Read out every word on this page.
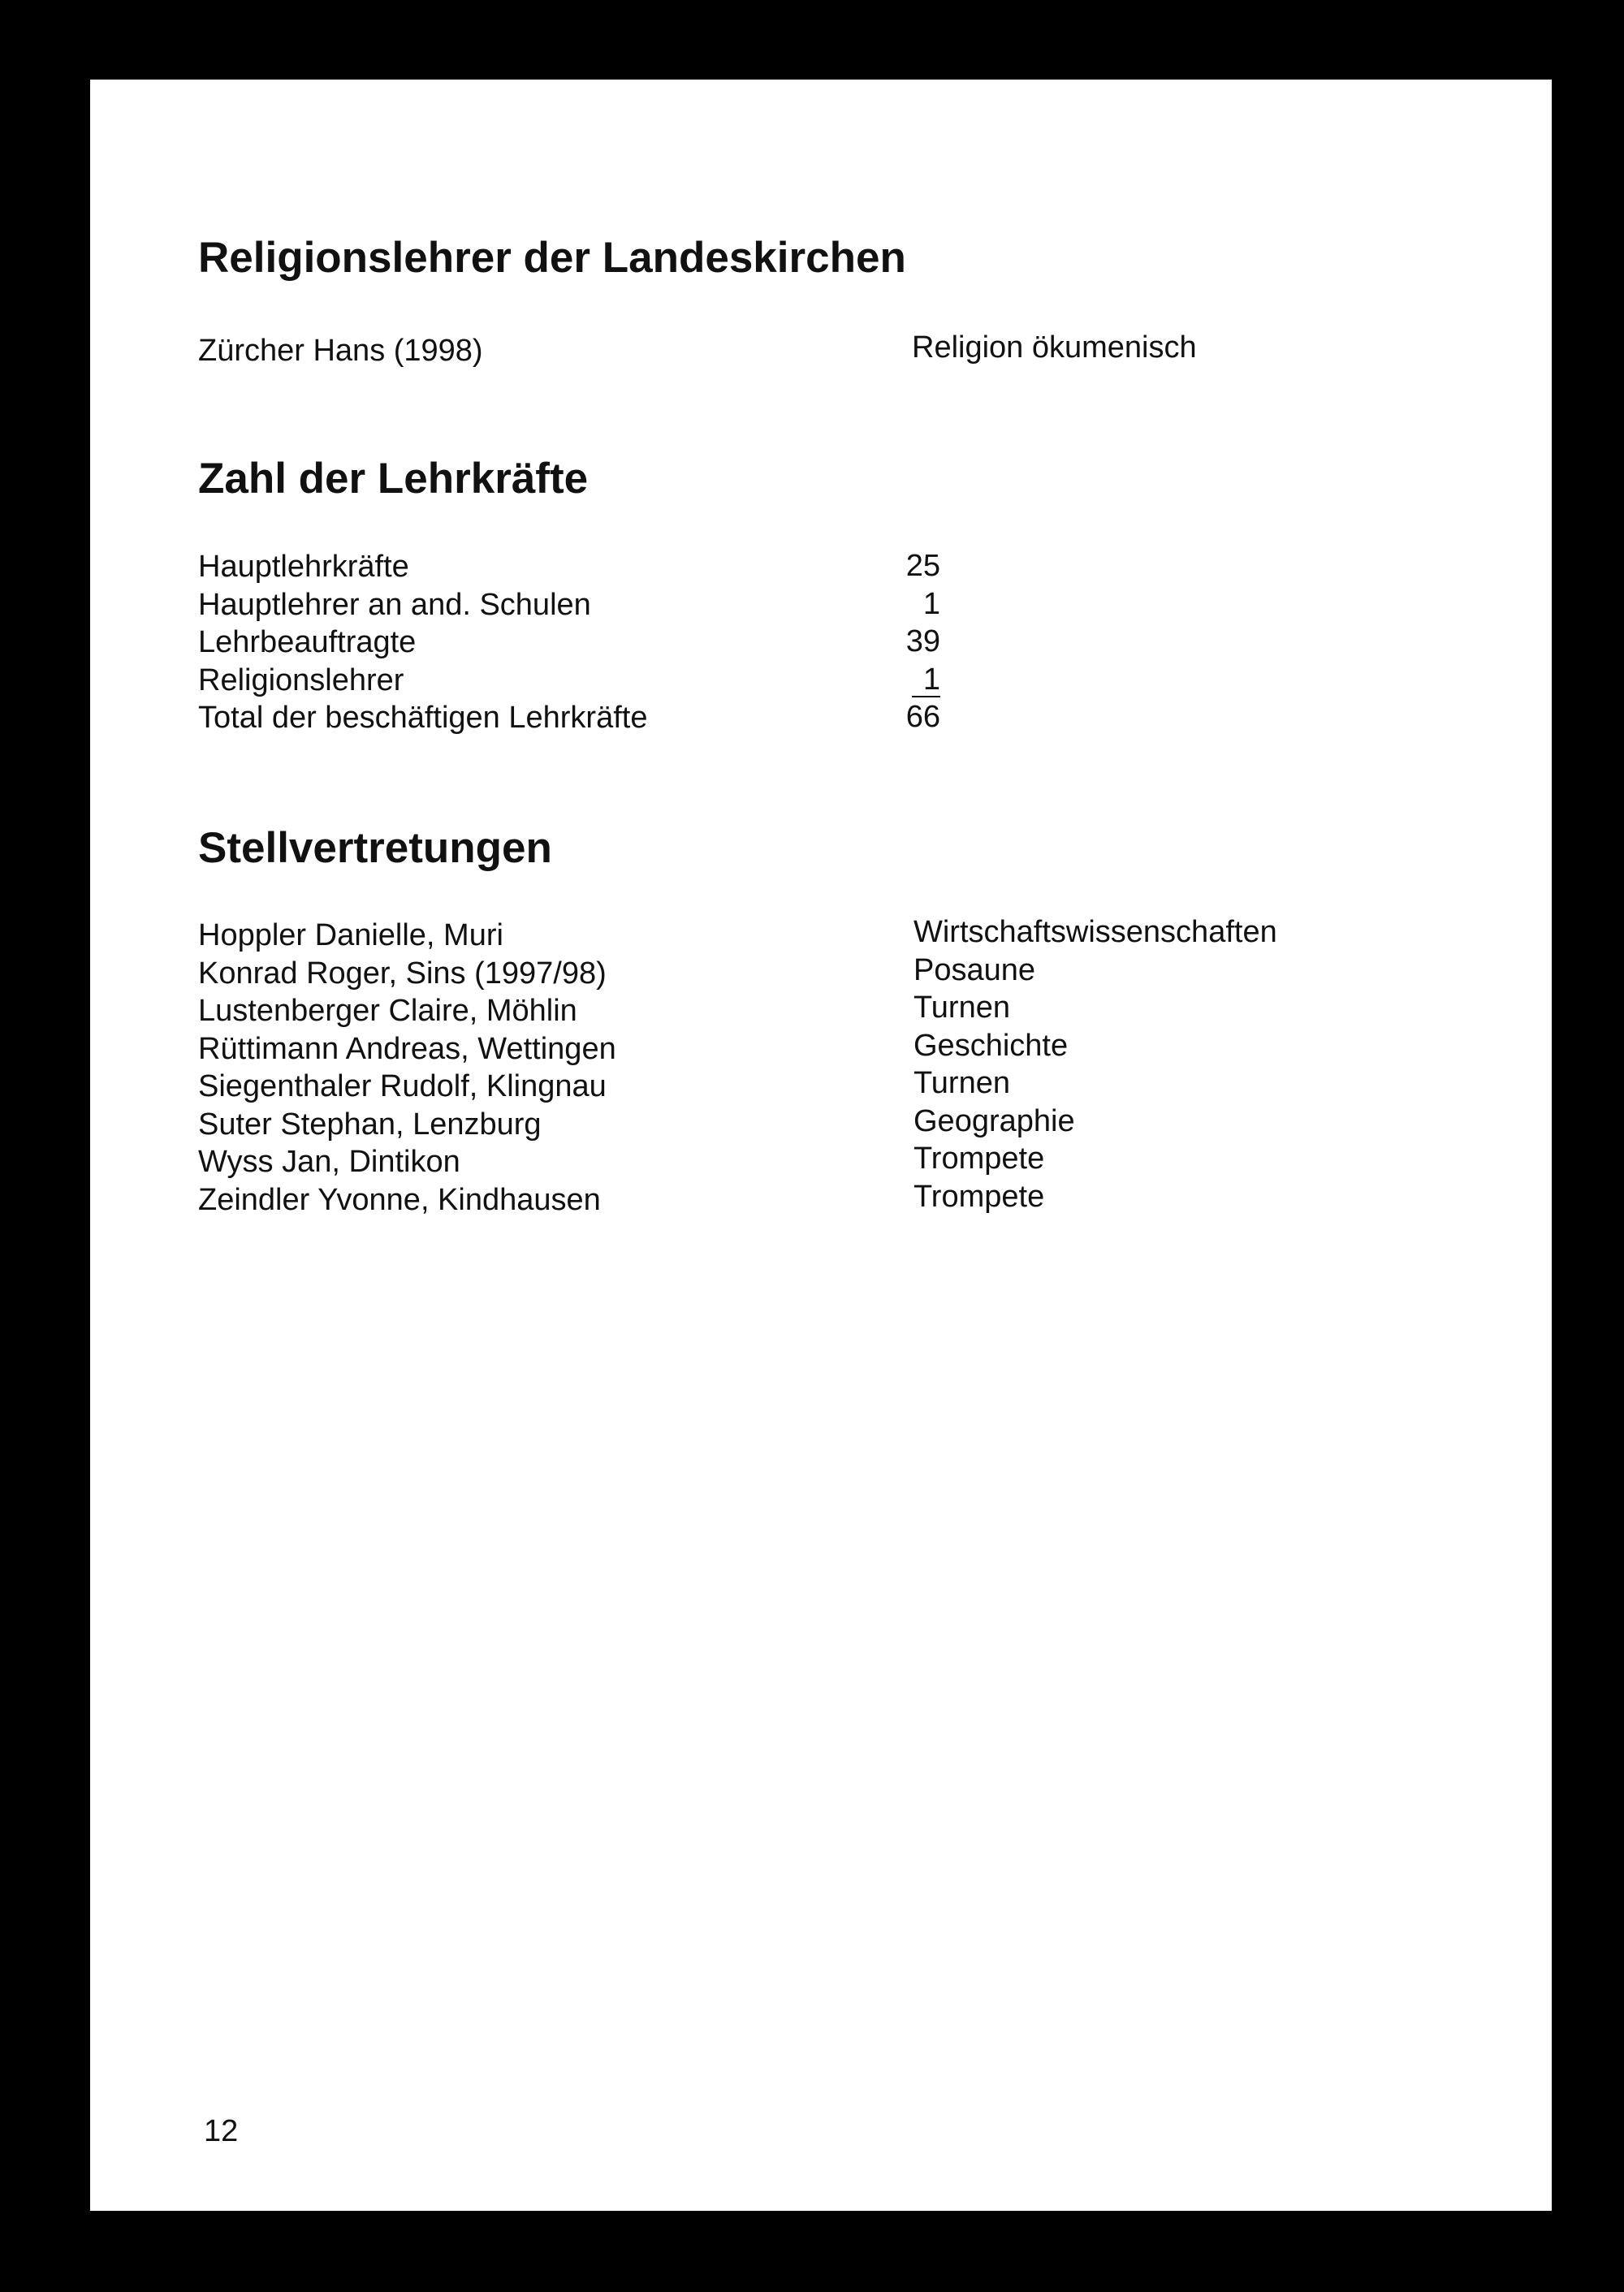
Religionslehrer der Landeskirchen
Zürcher Hans (1998)	Religion ökumenisch
Zahl der Lehrkräfte
Hauptlehrkräfte
Hauptlehrer an and. Schulen
Lehrbeauftragte
Religionslehrer
Total der beschäftigen Lehrkräfte
25
1
39
1
66
Stellvertretungen
Hoppler Danielle, Muri
Konrad Roger, Sins (1997/98)
Lustenberger Claire, Möhlin
Rüttimann Andreas, Wettingen
Siegenthaler Rudolf, Klingnau
Suter Stephan, Lenzburg
Wyss Jan, Dintikon
Zeindler Yvonne, Kindhausen
Wirtschaftswissenschaften
Posaune
Turnen
Geschichte
Turnen
Geographie
Trompete
Trompete
12
